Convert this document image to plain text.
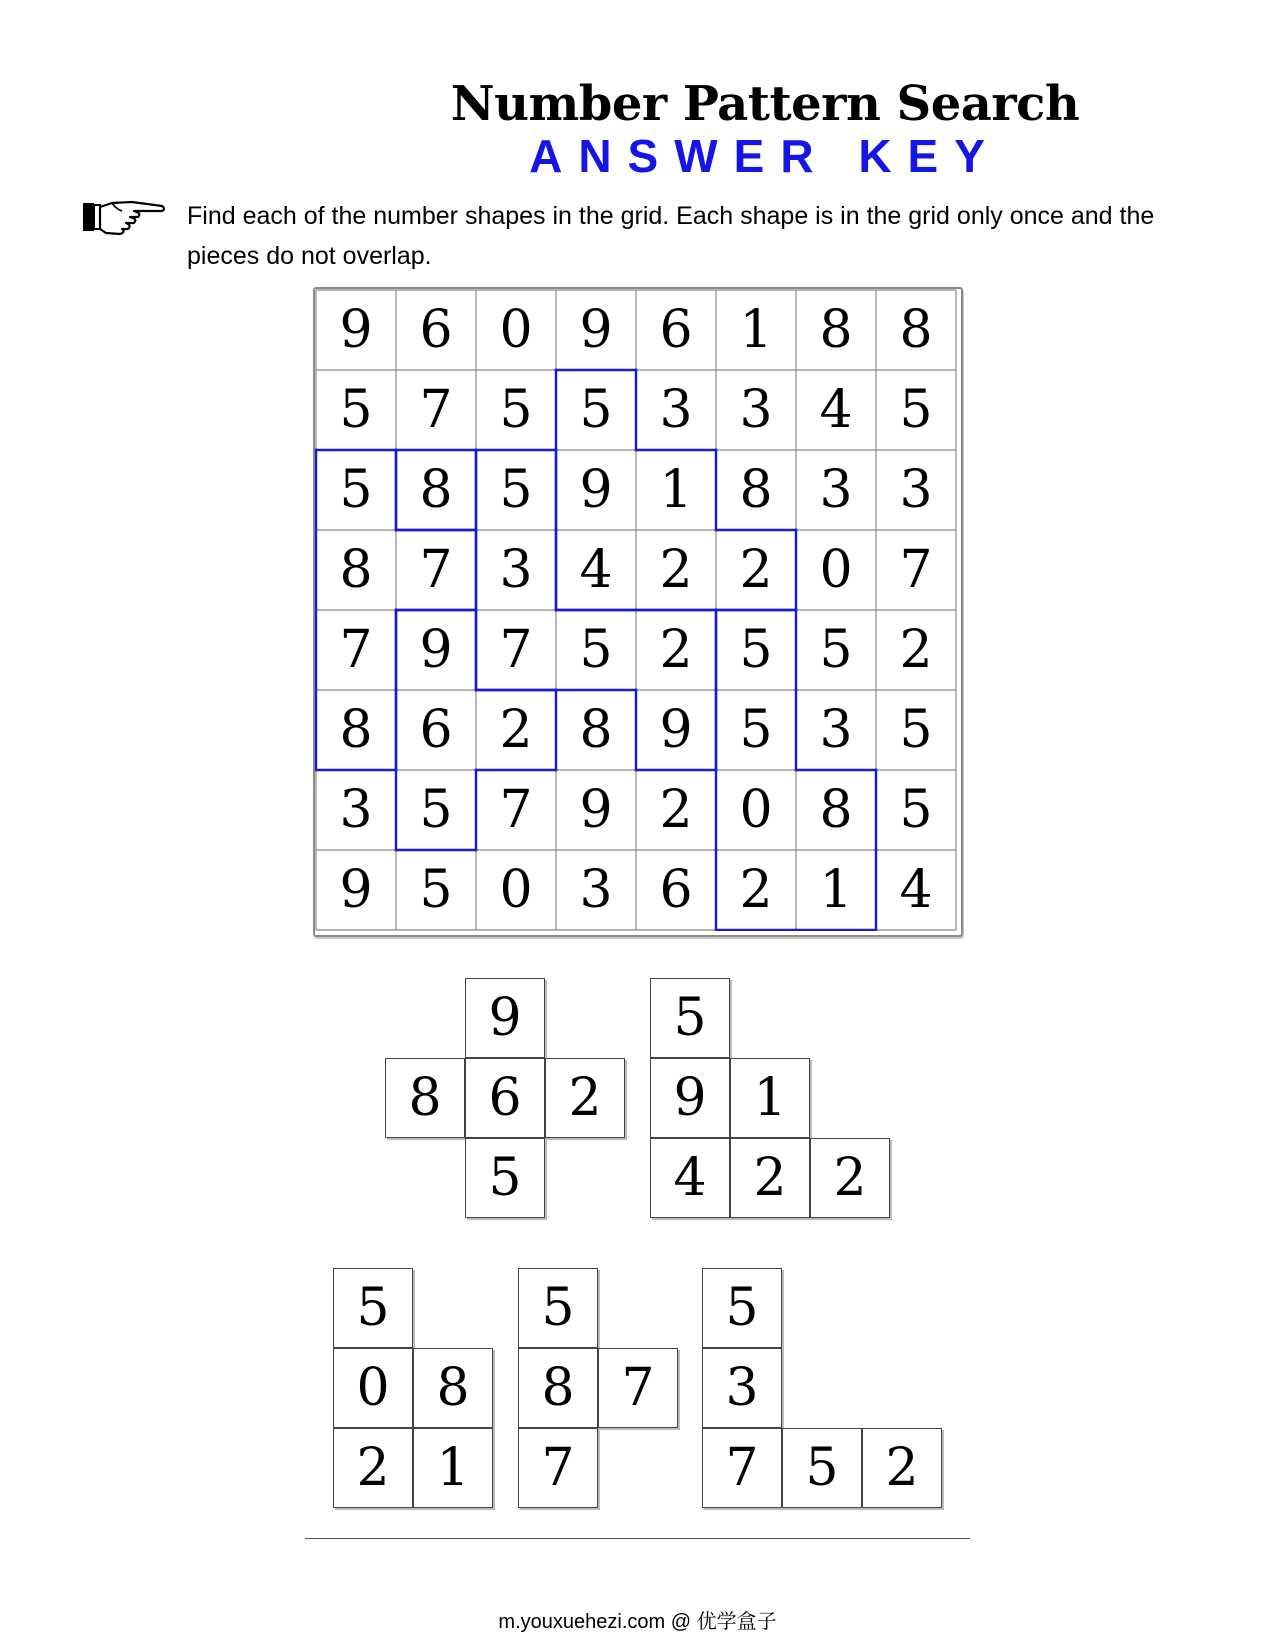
Number Pattern Search
ANSWER KEY
Find each of the number shapes in the grid. Each shape is in the grid only once and the pieces do not overlap.
9 6 0 9 6 1 8 8
5 7 5 5 3 3 4 5
5 8 5 9 1 8 3 3
8 7 3 4 2 2 0 7
7 9 7 5 2 5 5 2
8 6 2 8 9 5 3 5
3 5 7 9 2 0 8 5
9 5 0 3 6 2 1 4
9
8 6 2
5
5
9 1
4 2 2
5
0 8
2 1
5
8 7
7
5
3
7 5 2
m.youxuehezi.com @ 优学盒子
